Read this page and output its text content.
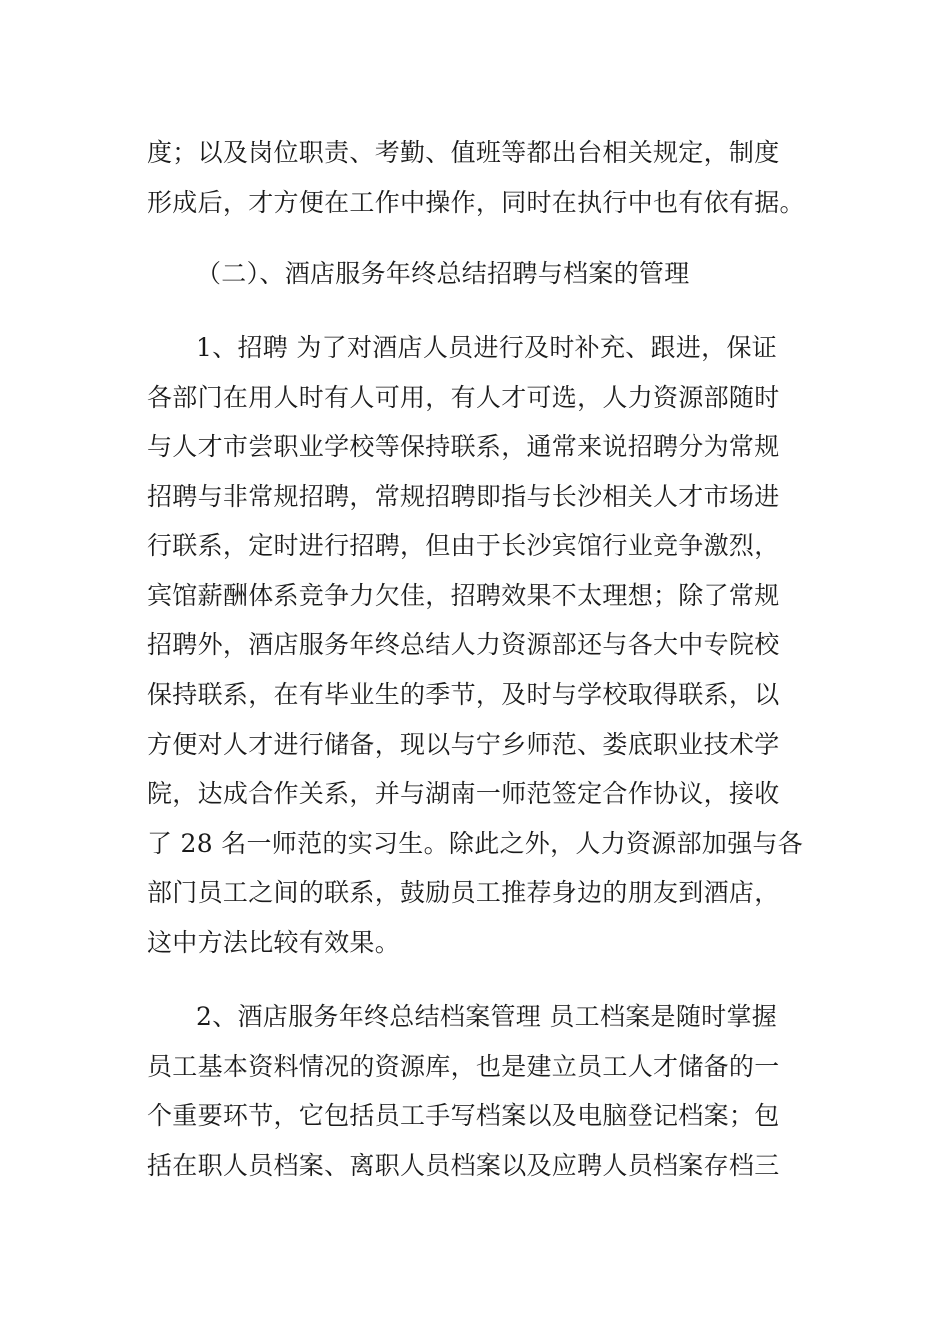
度；以及岗位职责、考勤、值班等都出台相关规定，制度
形成后，才方便在工作中操作，同时在执行中也有依有据。
（二）、酒店服务年终总结招聘与档案的管理
1、招聘 为了对酒店人员进行及时补充、跟进，保证
各部门在用人时有人可用，有人才可选，人力资源部随时
与人才市尝职业学校等保持联系，通常来说招聘分为常规
招聘与非常规招聘，常规招聘即指与长沙相关人才市场进
行联系，定时进行招聘，但由于长沙宾馆行业竞争激烈，
宾馆薪酬体系竞争力欠佳，招聘效果不太理想；除了常规
招聘外，酒店服务年终总结人力资源部还与各大中专院校
保持联系，在有毕业生的季节，及时与学校取得联系，以
方便对人才进行储备，现以与宁乡师范、娄底职业技术学
院，达成合作关系，并与湖南一师范签定合作协议，接收
了 28 名一师范的实习生。除此之外，人力资源部加强与各
部门员工之间的联系，鼓励员工推荐身边的朋友到酒店，
这中方法比较有效果。
2、酒店服务年终总结档案管理 员工档案是随时掌握
员工基本资料情况的资源库，也是建立员工人才储备的一
个重要环节，它包括员工手写档案以及电脑登记档案；包
括在职人员档案、离职人员档案以及应聘人员档案存档三
